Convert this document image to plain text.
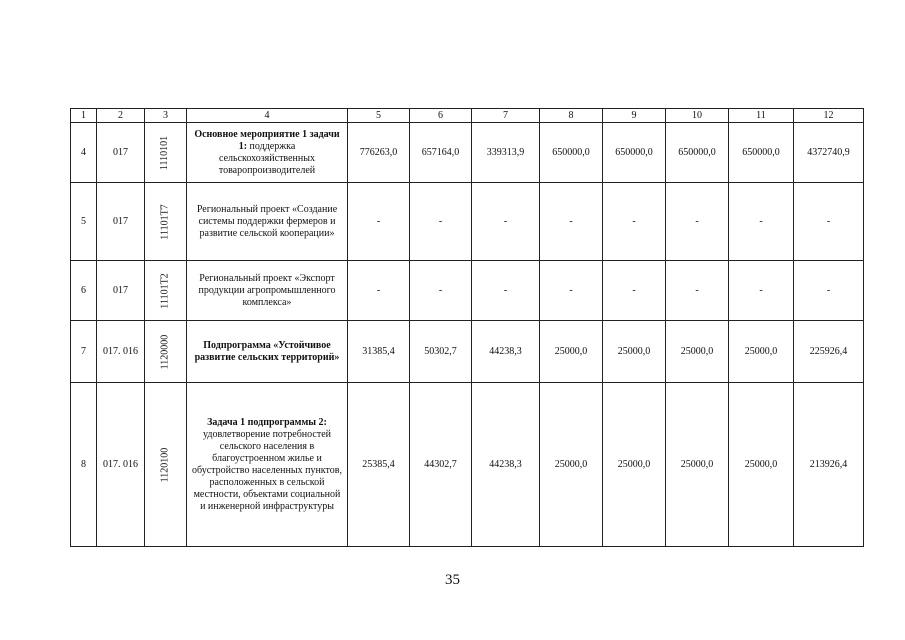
1	2	3	4	5	6	7	8	9	10	11	12
4	017	1110101	Основное мероприятие 1 задачи 1: поддержка сельскохозяйственных товаропроизводителей	776263,0	657164,0	339313,9	650000,0	650000,0	650000,0	650000,0	4372740,9
5	017	11101T7	Региональный проект «Создание системы поддержки фермеров и развитие сельской кооперации»	-	-	-	-	-	-	-	-
6	017	11101T2	Региональный проект «Экспорт продукции агропромышленного комплекса»	-	-	-	-	-	-	-	-
7	017. 016	1120000	Подпрограмма «Устойчивое развитие сельских территорий»	31385,4	50302,7	44238,3	25000,0	25000,0	25000,0	25000,0	225926,4
8	017. 016	1120100	Задача 1 подпрограммы 2: удовлетворение потребностей сельского населения в благоустроенном жилье и обустройство населенных пунктов, расположенных в сельской местности, объектами социальной и инженерной инфраструктуры	25385,4	44302,7	44238,3	25000,0	25000,0	25000,0	25000,0	213926,4
35
